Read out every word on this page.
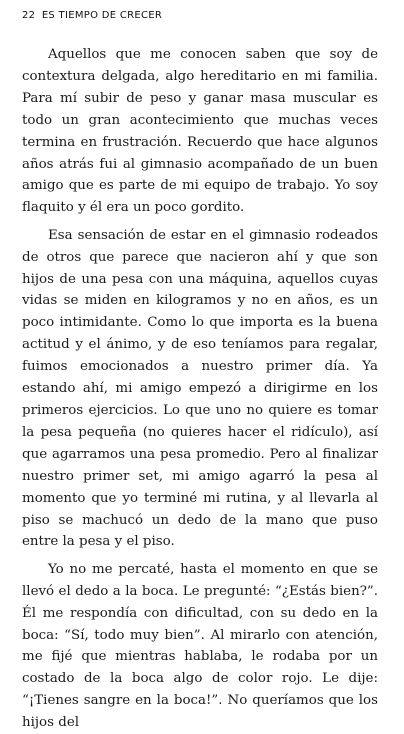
22 ES TIEMPO DE CRECER

Aquellos que me conocen saben que soy de contextura delgada, algo hereditario en mi familia. Para mí subir de peso y ganar masa muscular es todo un gran acontecimiento que muchas veces termina en frustración. Recuerdo que hace algunos años atrás fui al gimnasio acompañado de un buen amigo que es parte de mi equipo de trabajo. Yo soy flaquito y él era un poco gordito.

Esa sensación de estar en el gimnasio rodeados de otros que parece que nacieron ahí y que son hijos de una pesa con una máquina, aquellos cuyas vidas se miden en kilogramos y no en años, es un poco intimidante. Como lo que importa es la buena actitud y el ánimo, y de eso teníamos para regalar, fuimos emocionados a nuestro primer día. Ya estando ahí, mi amigo empezó a dirigirme en los primeros ejercicios. Lo que uno no quiere es tomar la pesa pequeña (no quieres hacer el ridículo), así que agarramos una pesa promedio. Pero al finalizar nuestro primer set, mi amigo agarró la pesa al momento que yo terminé mi rutina, y al llevarla al piso se machucó un dedo de la mano que puso entre la pesa y el piso.

Yo no me percaté, hasta el momento en que se llevó el dedo a la boca. Le pregunté: “¿Estás bien?”. Él me respondía con dificultad, con su dedo en la boca: “Sí, todo muy bien”. Al mirarlo con atención, me fijé que mientras hablaba, le rodaba por un costado de la boca algo de color rojo. Le dije: “¡Tienes sangre en la boca!”. No queríamos que los hijos del
